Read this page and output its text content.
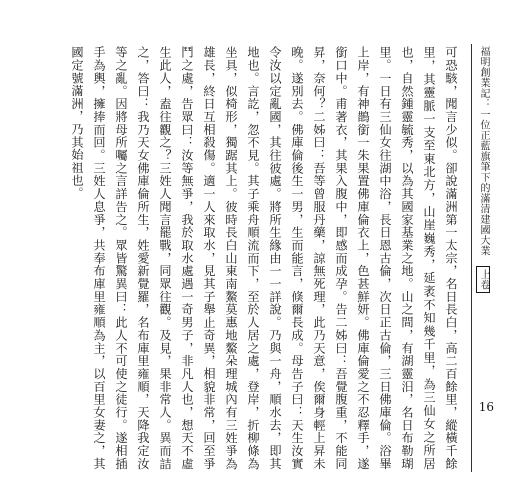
福明創業記：一位正藍旗筆下的滿清建國大業 上卷
16

可恐駭，聞言少似。卻說滿洲第一太宗，名日長白，高二百餘里，縱橫千餘里，其靈脈一支至東北方，山崖巍秀，延袤不知幾千里，為三仙女之所居也，自然鍾靈毓秀，以為其國家基業之地。山之間，有湖靈汨，名日布勒瑚里。一日有三仙女往湖中浴，長日恩古倫，次日正古倫，三日佛庫倫。浴畢上岸，有神鵲銜一朱果置佛庫倫衣上，色甚鮮妍。佛庫倫愛之不忍釋手，遂銜口中。甫著衣，其果入腹中，即感而成孕。告二姊曰：吾覺腹重，不能同昇，奈何？二姊曰：吾等曾服丹藥，諒無死理，此乃天意，俟爾身輕上昇未晚。遂別去。佛庫倫後生一男，生而能言，倏爾長成。母告子曰：天生汝實令汝以定亂國，其往彼處。將所生緣由一一詳說。乃與一舟，順水去，即其地也。言訖，忽不見。其子乘舟順流而下，至於人居之處，登岸，折柳條為坐具，似椅形，獨踞其上。彼時長白山東南鰲莫惠地鰲朵理城內有三姓爭為雄長，終日互相殺傷。適一人來取水，見其子舉止奇異，相貌非常，回至爭鬥之處，告眾曰：汝等無爭，我於取水處遇一奇男子，非凡人也，想天不虛生此人，盍往觀之？三姓人聞言罷戰，同眾往觀。及見，果非常人。異而詰之，答曰：我乃天女佛庫倫所生，姓愛新覺羅，名布庫里雍順，天降我定汝等之亂。因將母所囑之言詳告之。眾皆驚異曰：此人不可使之徒行。遂相插手為輿，擁捧而回。三姓人息爭，共奉布庫里雍順為主，以百里女妻之，其國定號滿洲，乃其始祖也。
